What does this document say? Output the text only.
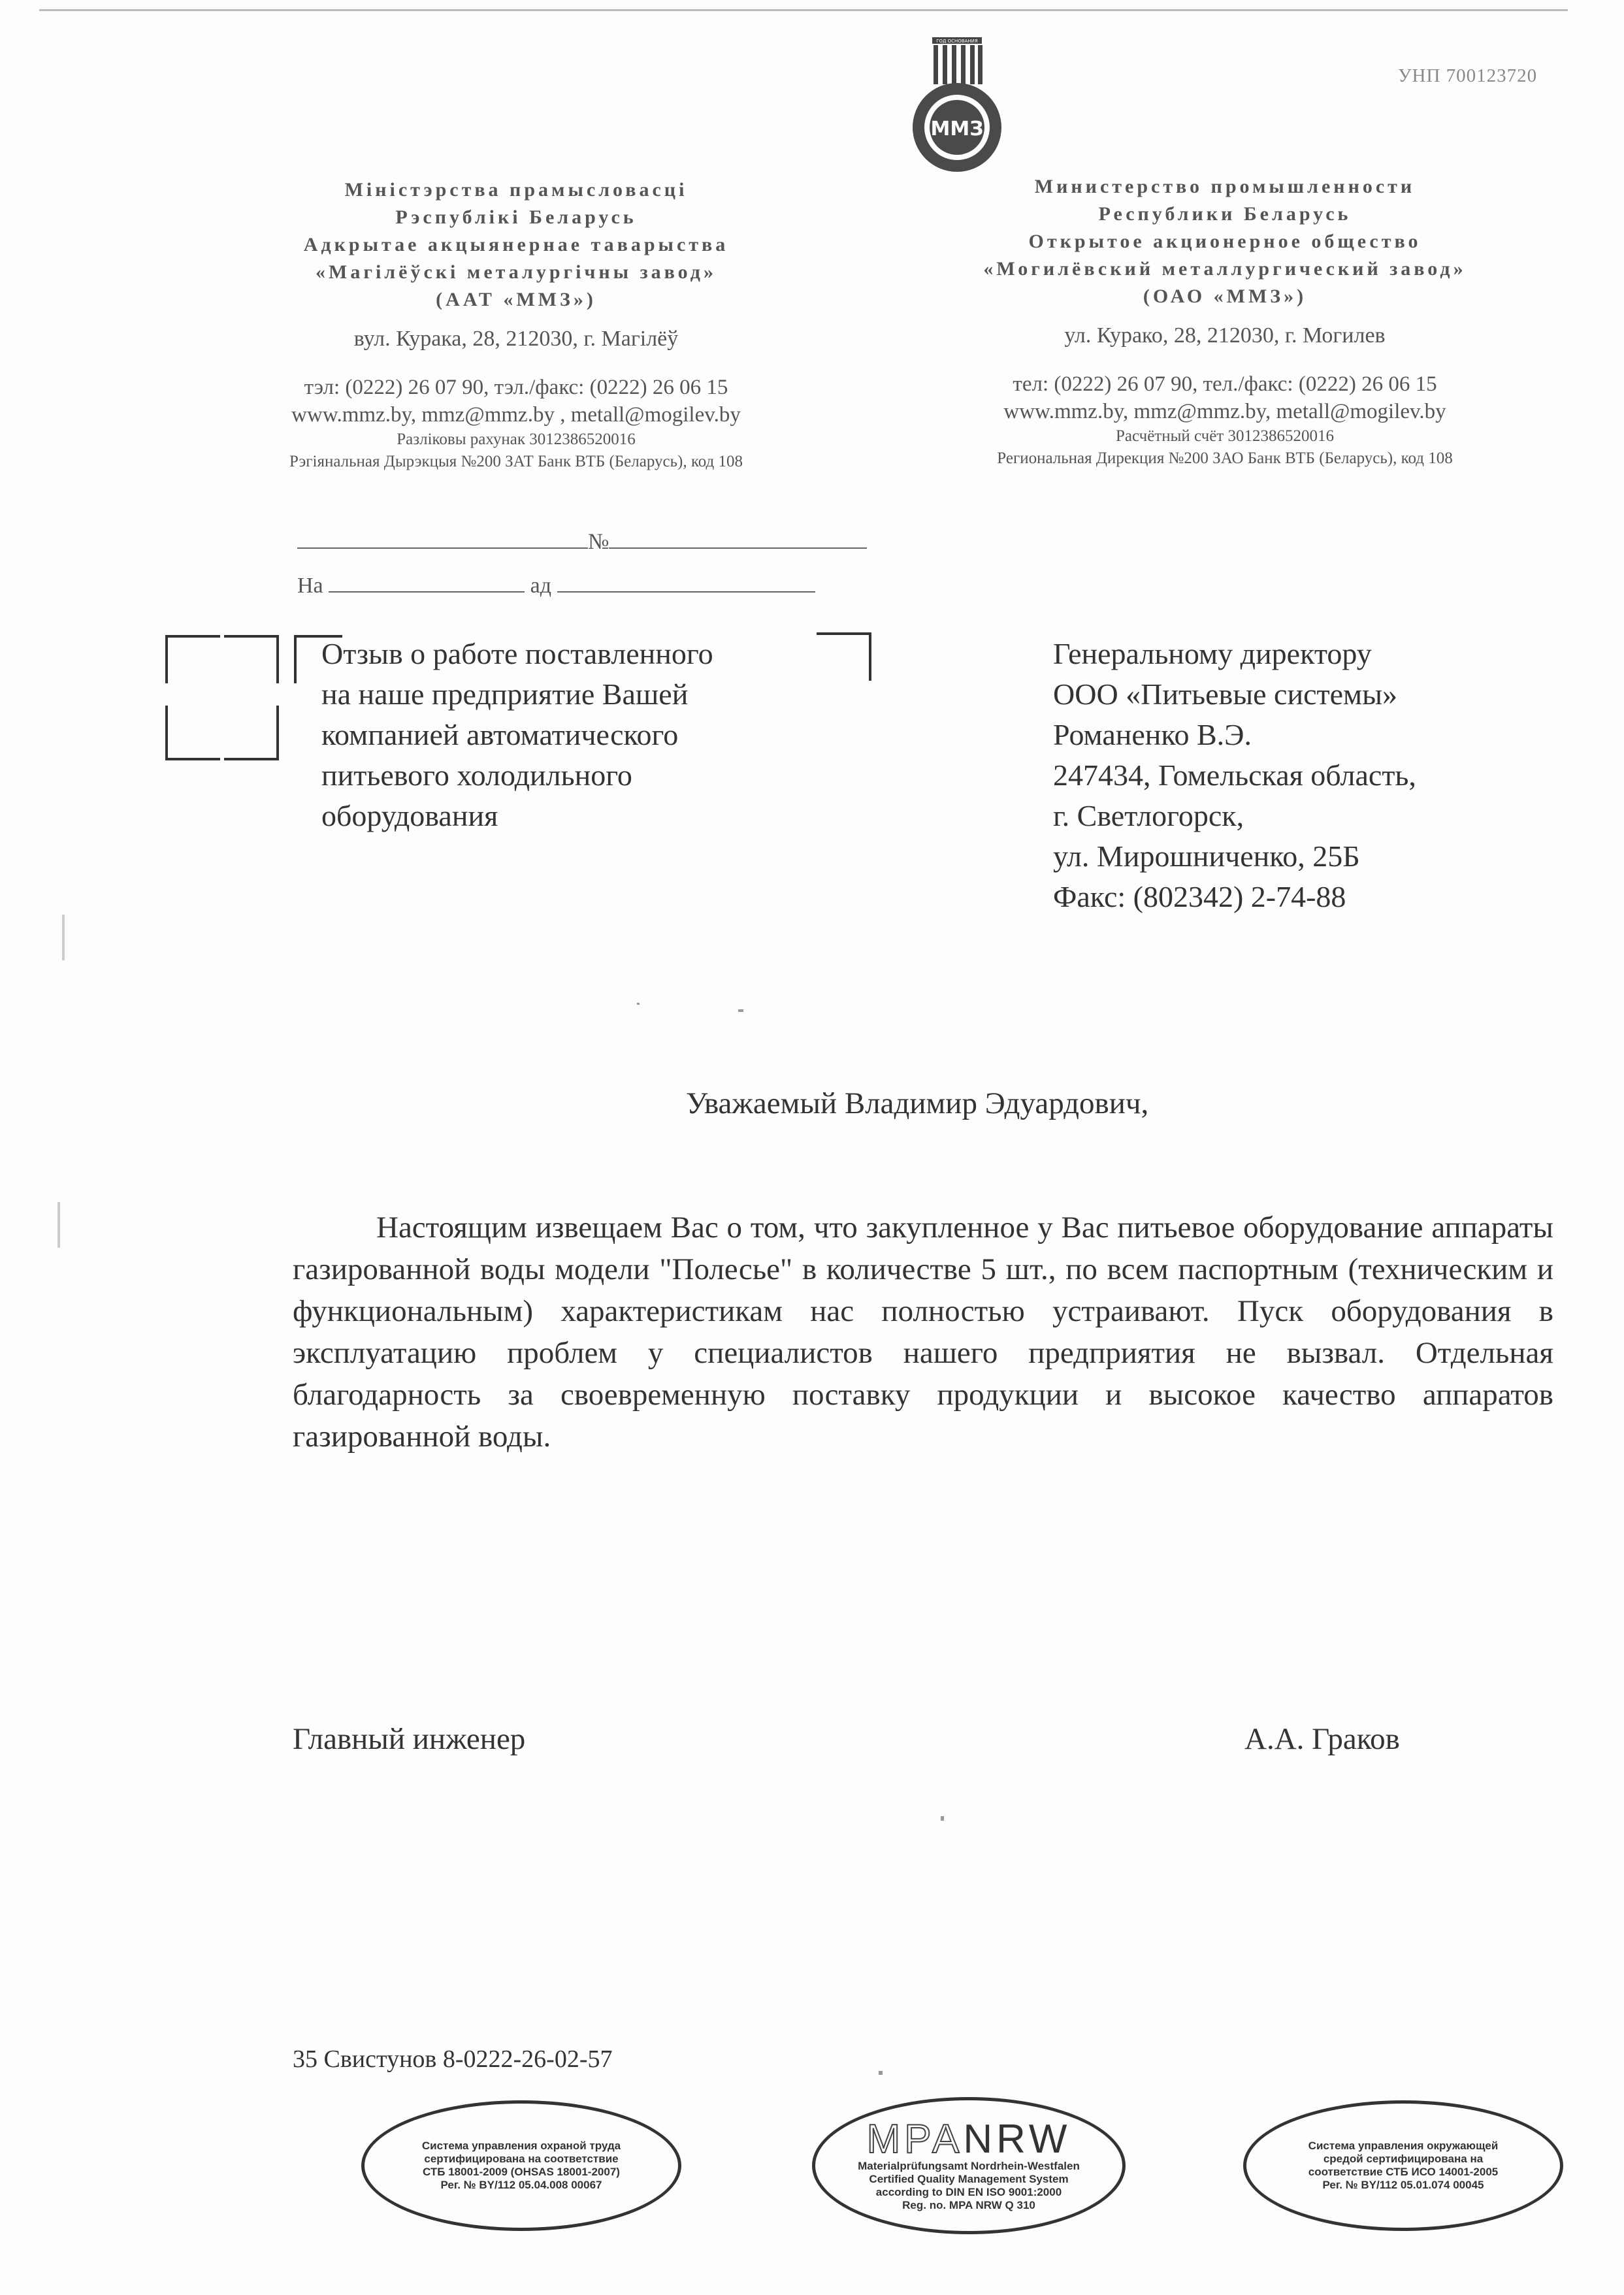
УНП 700123720
ГОД ОСНОВАНИЯ
ММЗ
Міністэрства прамысловасці
Рэспублікі Беларусь
Адкрытае акцыянернае таварыства
«Магілёўскі металургічны завод»
(ААТ «ММЗ»)
вул. Курака, 28, 212030, г. Магілёў
тэл: (0222) 26 07 90, тэл./факс: (0222) 26 06 15
www.mmz.by, mmz@mmz.by , metall@mogilev.by
Разліковы рахунак 3012386520016
Рэгіянальная Дырэкцыя №200 ЗАТ Банк ВТБ (Беларусь), код 108
Министерство промышленности
Республики Беларусь
Открытое акционерное общество
«Могилёвский металлургический завод»
(ОАО «ММЗ»)
ул. Курако, 28, 212030, г. Могилев
тел: (0222) 26 07 90, тел./факс: (0222) 26 06 15
www.mmz.by, mmz@mmz.by, metall@mogilev.by
Расчётный счёт 3012386520016
Региональная Дирекция №200 ЗАО Банк ВТБ (Беларусь), код 108
№
На	ад
Отзыв о работе поставленного
на наше предприятие Вашей
компанией автоматического
питьевого холодильного
оборудования
Генеральному директору
ООО «Питьевые системы»
Романенко В.Э.
247434, Гомельская область,
г. Светлогорск,
ул. Мирошниченко, 25Б
Факс: (802342) 2-74-88
Уважаемый Владимир Эдуардович,
Настоящим извещаем Вас о том, что закупленное у Вас питьевое оборудование аппараты газированной воды модели "Полесье" в количестве 5 шт., по всем паспортным (техническим и функциональным) характеристикам нас полностью устраивают. Пуск оборудования в эксплуатацию проблем у специалистов нашего предприятия не вызвал. Отдельная благодарность за своевременную поставку продукции и высокое качество аппаратов газированной воды.
Главный инженер	А.А. Граков
35 Свистунов 8-0222-26-02-57
Система управления охраной труда
сертифицирована на соответствие
СТБ 18001-2009 (OHSAS 18001-2007)
Рег. № BY/112 05.04.008 00067
MPANRW
Materialprüfungsamt Nordrhein-Westfalen
Certified Quality Management System
according to DIN EN ISO 9001:2000
Reg. no. MPA NRW Q 310
Система управления окружающей
средой сертифицирована на
соответствие СТБ ИСО 14001-2005
Рег. № BY/112 05.01.074 00045
